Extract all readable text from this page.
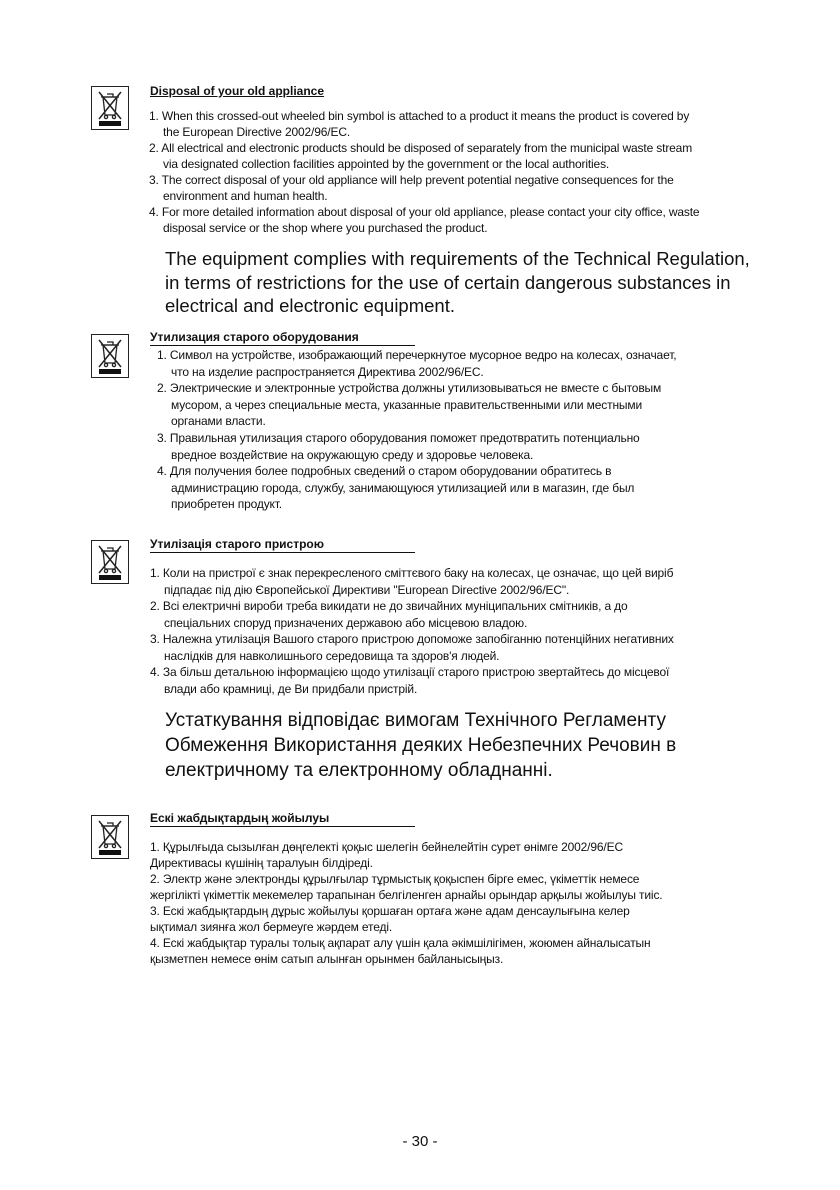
Disposal of your old appliance
1. When this crossed-out wheeled bin symbol is attached to a product it means the product is covered by
the European Directive 2002/96/EC.
2. All electrical and electronic products should be disposed of separately from the municipal waste stream
via designated collection facilities appointed by the government or the local authorities.
3. The correct disposal of your old appliance will help prevent potential negative consequences for the
environment and human health.
4. For more detailed information about disposal of your old appliance, please contact your city office, waste
disposal service or the shop where you purchased the product.
The equipment complies with requirements of the Technical Regulation,
in terms of restrictions for the use of certain dangerous substances in
electrical and electronic equipment.
Утилизация старого оборудования
1. Символ на устройстве, изображающий перечеркнутое мусорное ведро на колесах, означает,
что на изделие распространяется Директива 2002/96/EC.
2. Электрические и электронные устройства должны утилизовываться не вместе с бытовым
мусором, а через специальные места, указанные правительственными или местными
органами власти.
3. Правильная утилизация старого оборудования поможет предотвратить потенциально
вредное воздействие на окружающую среду и здоровье человека.
4. Для получения более подробных сведений о старом оборудовании обратитесь в
администрацию города, службу, занимающуюся утилизацией или в магазин, где был
приобретен продукт.
Утилізація старого пристрою
1. Коли на пристрої є знак перекресленого сміттєвого баку на колесах, це означає, що цей виріб
підпадає під дію Європейської Директиви "European Directive 2002/96/EC".
2. Всі електричні вироби треба викидати не до звичайних муніципальних смітників, а до
спеціальних споруд призначених державою або місцевою владою.
3. Належна утилізація Вашого старого пристрою допоможе запобіганню потенційних негативних
наслідків для навколишнього середовища та здоров'я людей.
4. За більш детальною інформацією щодо утилізації старого пристрою звертайтесь до місцевої
влади або крамниці, де Ви придбали пристрій.
Устаткування відповідає вимогам Технічного Регламенту
Обмеження Використання деяких Небезпечних Речовин в
електричному та електронному обладнанні.
Ескі жабдықтардың жойылуы
1. Құрылғыда сызылған дөңгелекті қоқыс шелегін бейнелейтін сурет өнімге 2002/96/EC
Директивасы күшінің таралуын білдіреді.
2. Электр және электронды құрылғылар тұрмыстық қоқыспен бірге емес, үкіметтік немесе
жергілікті үкіметтік мекемелер тарапынан белгіленген арнайы орындар арқылы жойылуы тиіс.
3. Ескі жабдықтардың дұрыс жойылуы қоршаған ортаға және адам денсаулығына келер
ықтимал зиянға жол бермеуге жәрдем етеді.
4. Ескі жабдықтар туралы толық ақпарат алу үшін қала әкімшілігімен, жоюмен айналысатын
қызметпен немесе өнім сатып алынған орынмен байланысыңыз.
- 30 -
